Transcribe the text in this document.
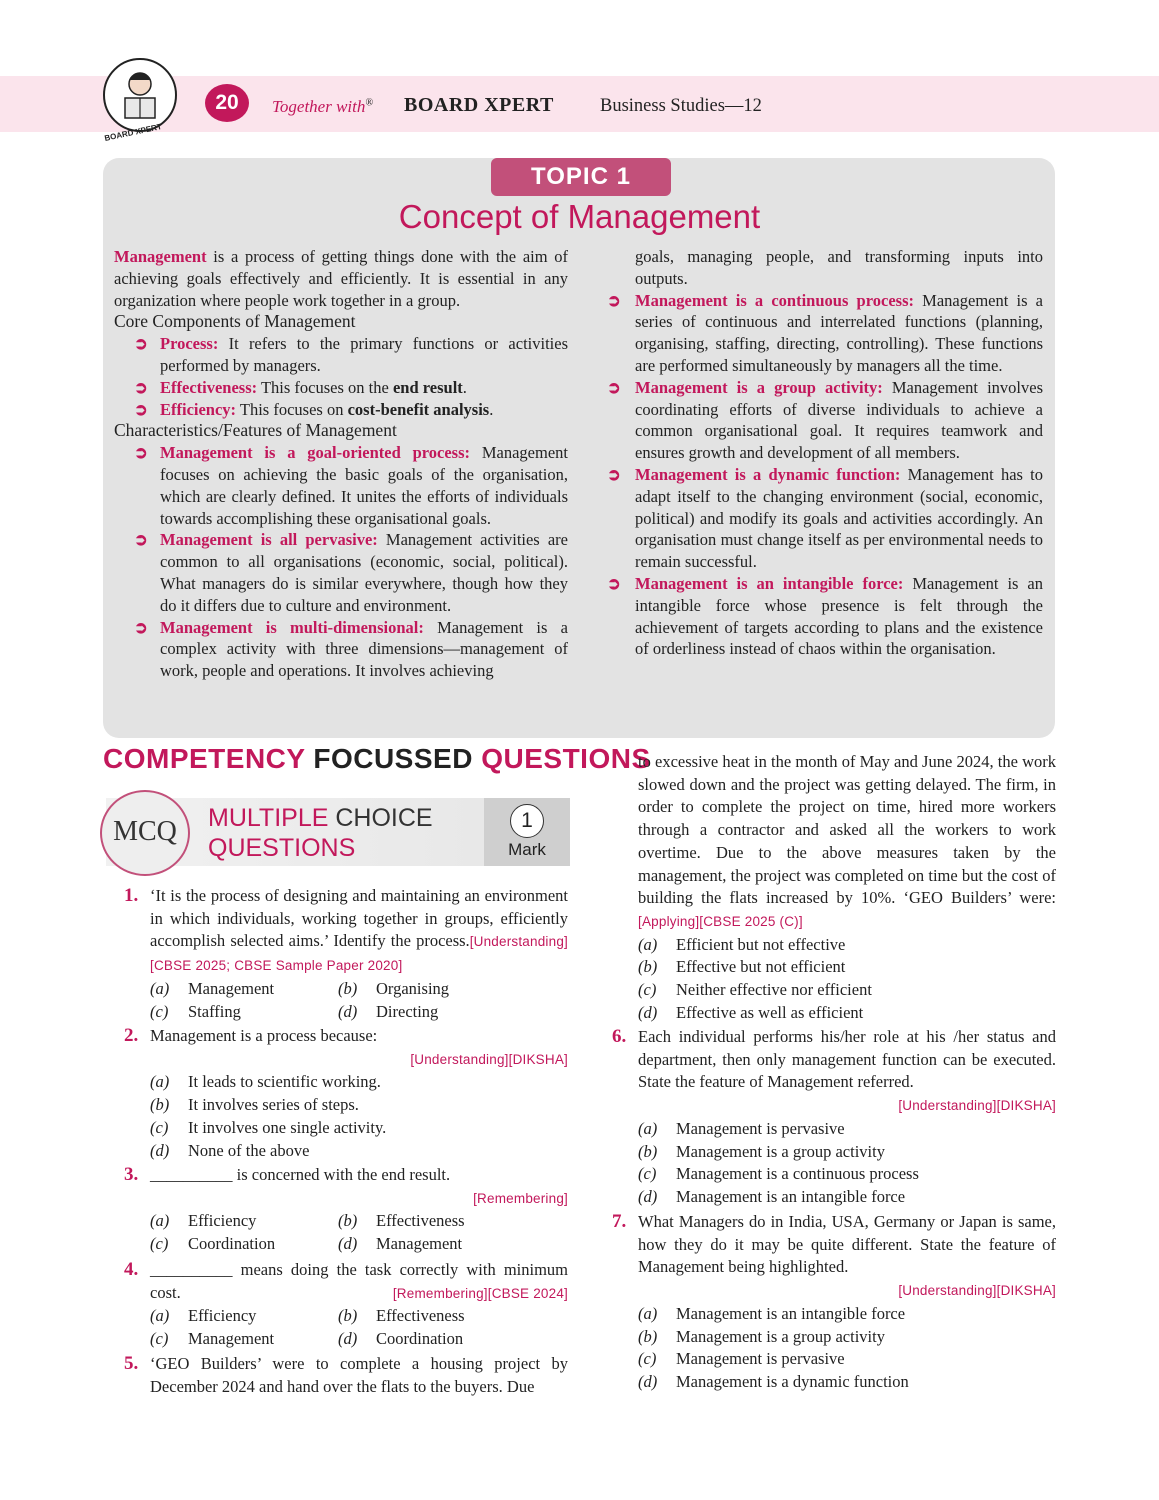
BOARD XPERT
20	Together with® BOARD XPERT Business Studies—12
TOPIC 1
Concept of Management

Management is a process of getting things done with the aim of achieving goals effectively and efficiently. It is essential in any organization where people work together in a group.

Core Components of Management

➲ Process: It refers to the primary functions or activities performed by managers.

➲ Effectiveness: This focuses on the end result.

➲ Efficiency: This focuses on cost-benefit analysis.

Characteristics/Features of Management

➲ Management is a goal-oriented process: Management focuses on achieving the basic goals of the organisation, which are clearly defined. It unites the efforts of individuals towards accomplishing these organisational goals.

➲ Management is all pervasive: Management activities are common to all organisations (economic, social, political). What managers do is similar everywhere, though how they do it differs due to culture and environment.

➲ Management is multi-dimensional: Management is a complex activity with three dimensions—management of work, people and operations. It involves achieving

goals, managing people, and transforming inputs into outputs.

➲ Management is a continuous process: Management is a series of continuous and interrelated functions (planning, organising, staffing, directing, controlling). These functions are performed simultaneously by managers all the time.

➲ Management is a group activity: Management involves coordinating efforts of diverse individuals to achieve a common organisational goal. It requires teamwork and ensures growth and development of all members.

➲ Management is a dynamic function: Management has to adapt itself to the changing environment (social, economic, political) and modify its goals and activities accordingly. An organisation must change itself as per environmental needs to remain successful.

➲ Management is an intangible force: Management is an intangible force whose presence is felt through the achievement of targets according to plans and the existence of orderliness instead of chaos within the organisation.

COMPETENCY FOCUSSED QUESTIONS
MCQ	MULTIPLE CHOICE
QUESTIONS
1
Mark
1. ‘It is the process of designing and maintaining an environment in which individuals, working together in groups, efficiently accomplish selected aims.’ Identify the process.[Understanding][CBSE 2025; CBSE Sample Paper 2020]

(a) Management	(b) Organising
(c) Staffing	(d) Directing
2. Management is a process because:

[Understanding][DIKSHA]

(a) It leads to scientific working.
(b) It involves series of steps.
(c) It involves one single activity.
(d) None of the above
3. __________ is concerned with the end result.

[Remembering]

(a) Efficiency	(b) Effectiveness
(c) Coordination	(d) Management
4. __________ means doing the task correctly with minimum cost.	[Remembering][CBSE 2024]

(a) Efficiency	(b) Effectiveness
(c) Management	(d) Coordination
5. ‘GEO Builders’ were to complete a housing project by December 2024 and hand over the flats to the buyers. Due

to excessive heat in the month of May and June 2024, the work slowed down and the project was getting delayed. The firm, in order to complete the project on time, hired more workers through a contractor and asked all the workers to work overtime. Due to the above measures taken by the management, the project was completed on time but the cost of building the flats increased by 10%. ‘GEO Builders’ were: [Applying][CBSE 2025 (C)]

(a) Efficient but not effective
(b) Effective but not efficient
(c) Neither effective nor efficient
(d) Effective as well as efficient
6. Each individual performs his/her role at his /her status and department, then only management function can be executed. State the feature of Management referred.

[Understanding][DIKSHA]

(a) Management is pervasive
(b) Management is a group activity
(c) Management is a continuous process
(d) Management is an intangible force
7. What Managers do in India, USA, Germany or Japan is same, how they do it may be quite different. State the feature of Management being highlighted.

[Understanding][DIKSHA]

(a) Management is an intangible force
(b) Management is a group activity
(c) Management is pervasive
(d) Management is a dynamic function
